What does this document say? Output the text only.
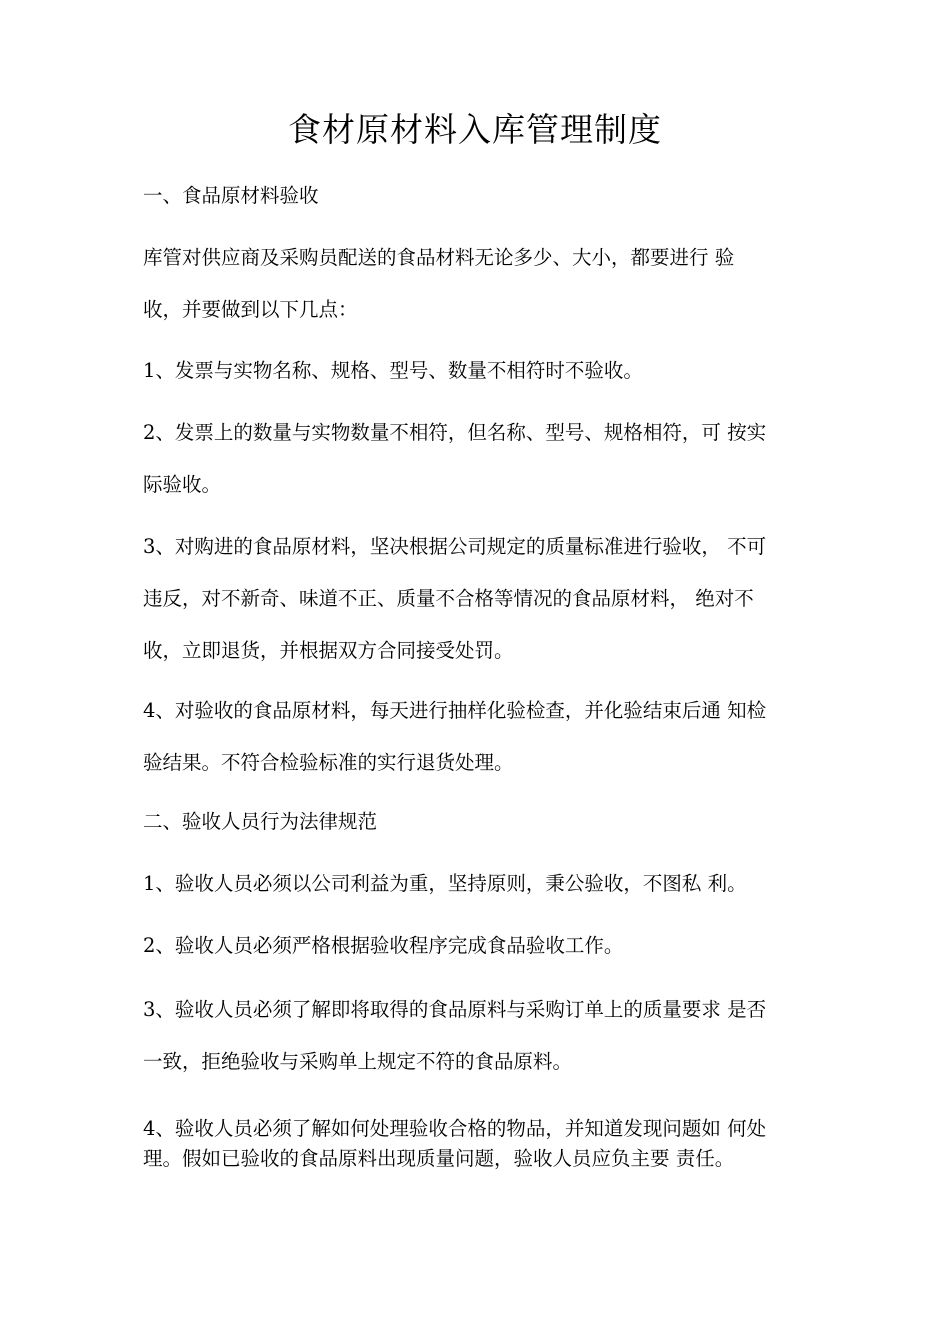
食材原材料入库管理制度

一、食品原材料验收

库管对供应商及采购员配送的食品材料无论多少、大小，都要进行 验
收，并要做到以下几点：

1、发票与实物名称、规格、型号、数量不相符时不验收。

2、发票上的数量与实物数量不相符，但名称、型号、规格相符，可 按实
际验收。

3、对购进的食品原材料，坚决根据公司规定的质量标准进行验收， 不可
违反，对不新奇、味道不正、质量不合格等情况的食品原材料， 绝对不
收，立即退货，并根据双方合同接受处罚。

4、对验收的食品原材料，每天进行抽样化验检查，并化验结束后通 知检
验结果。不符合检验标准的实行退货处理。

二、验收人员行为法律规范

1、验收人员必须以公司利益为重，坚持原则，秉公验收，不图私 利。

2、验收人员必须严格根据验收程序完成食品验收工作。

3、验收人员必须了解即将取得的食品原料与采购订单上的质量要求 是否
一致，拒绝验收与采购单上规定不符的食品原料。

4、验收人员必须了解如何处理验收合格的物品，并知道发现问题如 何处
理。假如已验收的食品原料出现质量问题，验收人员应负主要 责任。
